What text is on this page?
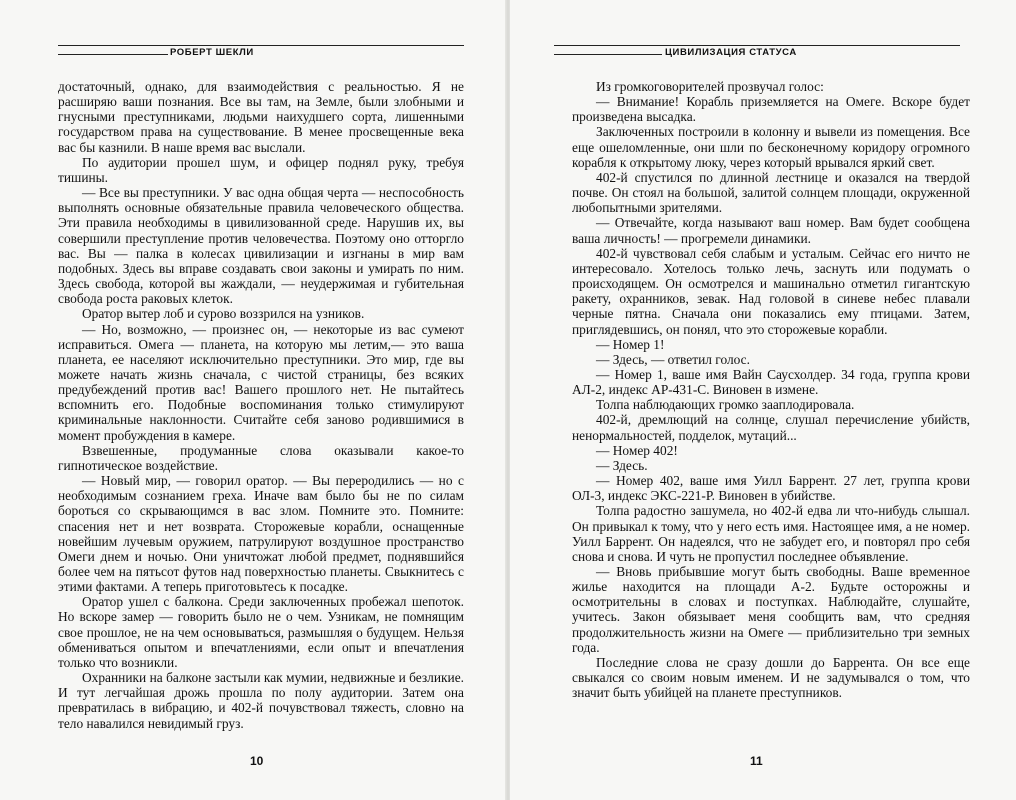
РОБЕРТ ШЕКЛИ

достаточный, однако, для взаимодействия с реальностью. Я не расширяю ваши познания. Все вы там, на Земле, были злобными и гнусными преступниками, людьми наихудшего сорта, лишенными государством права на существование. В менее просвещенные века вас бы казнили. В наше время вас выслали.

По аудитории прошел шум, и офицер поднял руку, требуя тишины.

— Все вы преступники. У вас одна общая черта — неспособность выполнять основные обязательные правила человеческого общества. Эти правила необходимы в цивилизованной среде. Нарушив их, вы совершили преступление против человечества. Поэтому оно отторгло вас. Вы — палка в колесах цивилизации и изгнаны в мир вам подобных. Здесь вы вправе создавать свои законы и умирать по ним. Здесь свобода, которой вы жаждали, — неудержимая и губительная свобода роста раковых клеток.

Оратор вытер лоб и сурово воззрился на узников.

— Но, возможно, — произнес он, — некоторые из вас сумеют исправиться. Омега — планета, на которую мы летим,— это ваша планета, ее населяют исключительно преступники. Это мир, где вы можете начать жизнь сначала, с чистой страницы, без всяких предубеждений против вас! Вашего прошлого нет. Не пытайтесь вспомнить его. Подобные воспоминания только стимулируют криминальные наклонности. Считайте себя заново родившимися в момент пробуждения в камере.

Взвешенные, продуманные слова оказывали какое-то гипнотическое воздействие.

— Новый мир, — говорил оратор. — Вы переродились — но с необходимым сознанием греха. Иначе вам было бы не по силам бороться со скрывающимся в вас злом. Помните это. Помните: спасения нет и нет возврата. Сторожевые корабли, оснащенные новейшим лучевым оружием, патрулируют воздушное пространство Омеги днем и ночью. Они уничтожат любой предмет, поднявшийся более чем на пятьсот футов над поверхностью планеты. Свыкнитесь с этими фактами. А теперь приготовьтесь к посадке.

Оратор ушел с балкона. Среди заключенных пробежал шепоток. Но вскоре замер — говорить было не о чем. Узникам, не помнящим свое прошлое, не на чем основываться, размышляя о будущем. Нельзя обмениваться опытом и впечатлениями, если опыт и впечатления только что возникли.

Охранники на балконе застыли как мумии, недвижные и безликие. И тут легчайшая дрожь прошла по полу аудитории. Затем она превратилась в вибрацию, и 402-й почувствовал тяжесть, словно на тело навалился невидимый груз.

10
ЦИВИЛИЗАЦИЯ СТАТУСА

Из громкоговорителей прозвучал голос:

— Внимание! Корабль приземляется на Омеге. Вскоре будет произведена высадка.

Заключенных построили в колонну и вывели из помещения. Все еще ошеломленные, они шли по бесконечному коридору огромного корабля к открытому люку, через который врывался яркий свет.

402-й спустился по длинной лестнице и оказался на твердой почве. Он стоял на большой, залитой солнцем площади, окруженной любопытными зрителями.

— Отвечайте, когда называют ваш номер. Вам будет сообщена ваша личность! — прогремели динамики.

402-й чувствовал себя слабым и усталым. Сейчас его ничто не интересовало. Хотелось только лечь, заснуть или подумать о происходящем. Он осмотрелся и машинально отметил гигантскую ракету, охранников, зевак. Над головой в синеве небес плавали черные пятна. Сначала они показались ему птицами. Затем, приглядевшись, он понял, что это сторожевые корабли.

— Номер 1!

— Здесь, — ответил голос.

— Номер 1, ваше имя Вайн Саусхолдер. 34 года, группа крови АЛ-2, индекс АР-431-С. Виновен в измене.

Толпа наблюдающих громко зааплодировала.

402-й, дремлющий на солнце, слушал перечисление убийств, ненормальностей, подделок, мутаций...

— Номер 402!

— Здесь.

— Номер 402, ваше имя Уилл Баррент. 27 лет, группа крови ОЛ-3, индекс ЭКС-221-Р. Виновен в убийстве.

Толпа радостно зашумела, но 402-й едва ли что-нибудь слышал. Он привыкал к тому, что у него есть имя. Настоящее имя, а не номер. Уилл Баррент. Он надеялся, что не забудет его, и повторял про себя снова и снова. И чуть не пропустил последнее объявление.

— Вновь прибывшие могут быть свободны. Ваше временное жилье находится на площади А-2. Будьте осторожны и осмотрительны в словах и поступках. Наблюдайте, слушайте, учитесь. Закон обязывает меня сообщить вам, что средняя продолжительность жизни на Омеге — приблизительно три земных года.

Последние слова не сразу дошли до Баррента. Он все еще свыкался со своим новым именем. И не задумывался о том, что значит быть убийцей на планете преступников.

11
